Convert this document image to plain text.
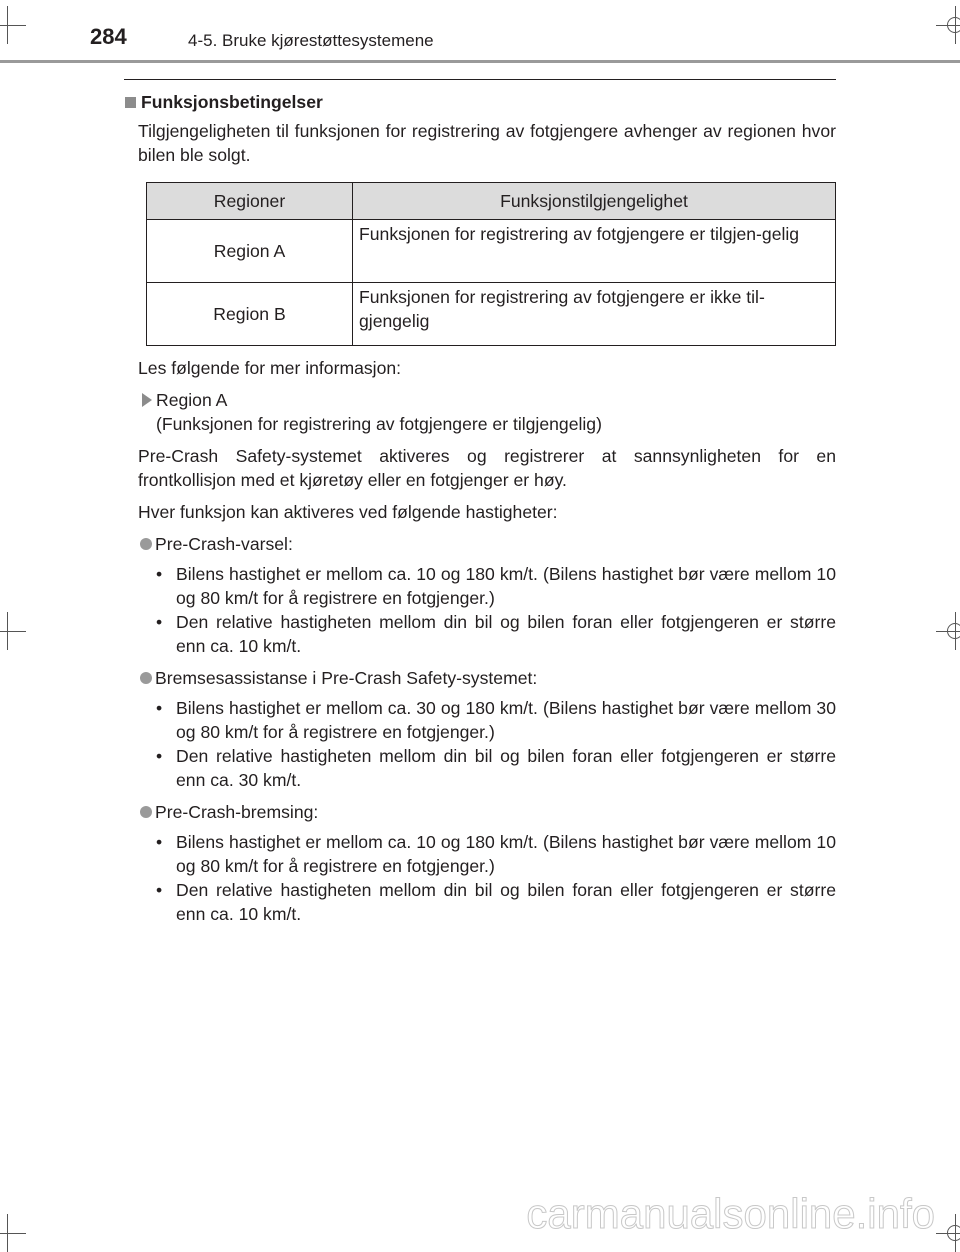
284	4-5. Bruke kjørestøttesystemene
Funksjonsbetingelser
Tilgjengeligheten til funksjonen for registrering av fotgjengere avhenger av regionen hvor bilen ble solgt.
Regioner	Funksjonstilgjengelighet
Region A	Funksjonen for registrering av fotgjengere er tilgjen-gelig
Region B	Funksjonen for registrering av fotgjengere er ikke til-gjengelig
Les følgende for mer informasjon:
Region A
(Funksjonen for registrering av fotgjengere er tilgjengelig)
Pre-Crash Safety-systemet aktiveres og registrerer at sannsynligheten for en frontkollisjon med et kjøretøy eller en fotgjenger er høy.
Hver funksjon kan aktiveres ved følgende hastigheter:
Pre-Crash-varsel:
• Bilens hastighet er mellom ca. 10 og 180 km/t. (Bilens hastighet bør være mellom 10 og 80 km/t for å registrere en fotgjenger.)
• Den relative hastigheten mellom din bil og bilen foran eller fotgjengeren er større enn ca. 10 km/t.
Bremsesassistanse i Pre-Crash Safety-systemet:
• Bilens hastighet er mellom ca. 30 og 180 km/t. (Bilens hastighet bør være mellom 30 og 80 km/t for å registrere en fotgjenger.)
• Den relative hastigheten mellom din bil og bilen foran eller fotgjengeren er større enn ca. 30 km/t.
Pre-Crash-bremsing:
• Bilens hastighet er mellom ca. 10 og 180 km/t. (Bilens hastighet bør være mellom 10 og 80 km/t for å registrere en fotgjenger.)
• Den relative hastigheten mellom din bil og bilen foran eller fotgjengeren er større enn ca. 10 km/t.
carmanualsonline.info
